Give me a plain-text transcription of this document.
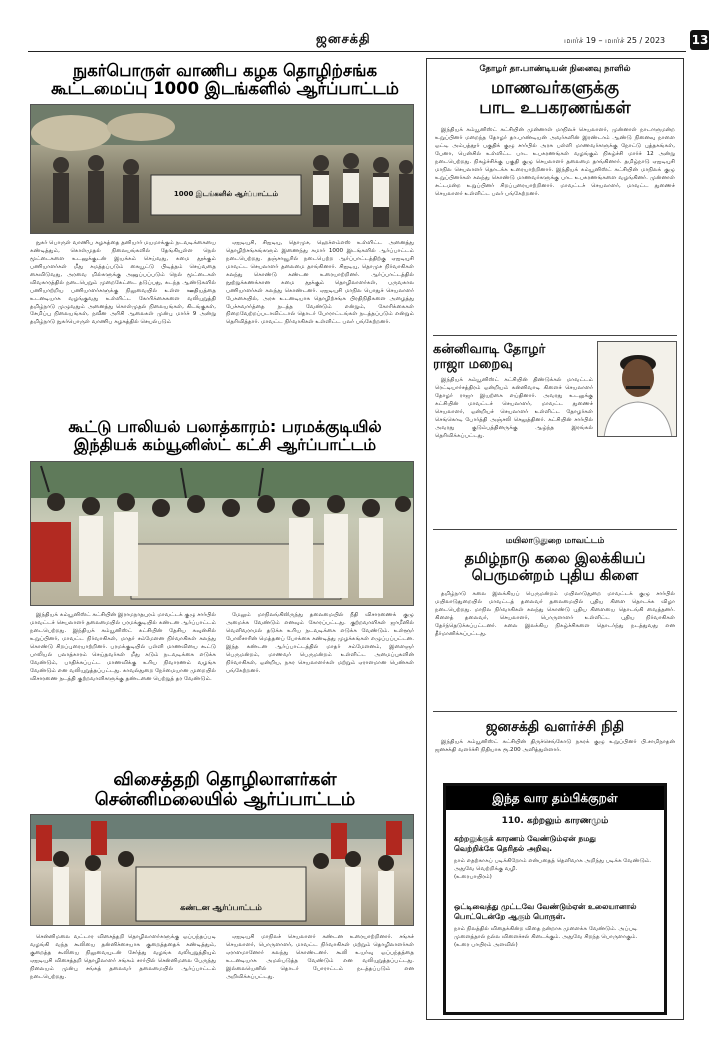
ஜனசக்தி	மார்ச் 19 – மார்ச் 25 / 2023 13
நுகர்பொருள் வாணிப கழக தொழிற்சங்க
கூட்டமைப்பு 1000 இடங்களில் ஆர்ப்பாட்டம்
1000 இடங்களில் ஆர்ப்பாட்டம்

நுகர் பொருள் வாணிப கழகத்தை தனியார் மயமாக்கும் நடவடிக்கையை கண்டித்தும், கொள்முதல் நிலையங்களில் தேங்கியுள்ள நெல் மூட்டைகளை உடனுக்குடன் இயக்கம் செய்வது, சுமை தூக்கும் பணியாளர்கள் மீது சுமத்தப்படும் கையூட்டு பிடித்தம் செய்வதை கைவிடுவது, அரவை மில்களுக்கு அனுப்பப்படும் நெல் மூட்டைகள் விவகாரத்தில் நடைபெறும் முறைகேட்டை தடுப்பது, கடந்த ஆண்டுகளில் பணியாற்றிய பணியாளர்களுக்கு நிலுவையில் உள்ள ஊதியத்தை உடனடியாக வழங்குவது உள்ளிட்ட கோரிக்கைகளை வலியுறுத்தி தமிழ்நாடு முழுவதும் அனைத்து கொள்முதல் நிலையங்கள், கிடங்குகள், சேமிப்பு நிலையங்கள், நவீன அரிசி ஆலைகள் முன்பு மார்ச் 9 அன்று தமிழ்நாடு நுகர்பொருள் வாணிப கழகத்தில் செயல்படும்

ஏஐடியுசி, சிஐடியு, தொமுச, ஹெச்எம்எஸ் உள்ளிட்ட அனைத்து தொழிற்சங்கங்களும் இணைந்து சுமார் 1000 இடங்களில் ஆர்ப்பாட்டம் நடைபெற்றது. தஞ்சாவூரில் நடைபெற்ற ஆர்ப்பாட்டத்திற்கு ஏஐடியுசி மாவட்ட செயலாளர் தலைமை தாங்கினார். சிஐடியு, தொமுச நிர்வாகிகள் கலந்து கொண்டு கண்டன உரையாற்றினர். ஆர்ப்பாட்டத்தில் நூற்றுக்கணக்கான சுமை தூக்கும் தொழிலாளர்கள், பருவகால பணியாளர்கள் கலந்து கொண்டனர். ஏஐடியுசி மாநில பொதுச் செயலாளர் பேசுகையில், அரசு உடனடியாக தொழிற்சங்க பிரதிநிதிகளை அழைத்து பேச்சுவார்த்தை நடத்த வேண்டும் என்றும், கோரிக்கைகள் நிறைவேற்றப்படாவிட்டால் தொடர் போராட்டங்கள் நடத்தப்படும் என்றும் தெரிவித்தார். மாவட்ட நிர்வாகிகள் உள்ளிட்ட பலர் பங்கேற்றனர்.

கூட்டு பாலியல் பலாத்காரம்: பரமக்குடியில்
இந்தியக் கம்யூனிஸ்ட் கட்சி ஆர்ப்பாட்டம்

இந்தியக் கம்யூனிஸ்ட் கட்சியின் இராமநாதபுரம் மாவட்டக் குழு சார்பில் மாவட்டச் செயலாளர் தலைமையில் பரமக்குடியில் கண்டன ஆர்ப்பாட்டம் நடைபெற்றது. இந்தியக் கம்யூனிஸ்ட் கட்சியின் தேசிய கவுன்சில் உறுப்பினர், மாவட்ட நிர்வாகிகள், மாதர் சம்மேளன நிர்வாகிகள் கலந்து கொண்டு சிறப்புரையாற்றினர். பரமக்குடியில் பள்ளி மாணவியை கூட்டு பாலியல் பலாத்காரம் செய்தவர்கள் மீது கடும் நடவடிக்கை எடுக்க வேண்டும், பாதிக்கப்பட்ட மாணவிக்கு உரிய நிவாரணம் வழங்க வேண்டும் என வலியுறுத்தப்பட்டது. காவல்துறை நேர்மையான முறையில் விசாரணை நடத்தி குற்றவாளிகளுக்கு தண்டனை பெற்றுத் தர வேண்டும்.

மேலும் மாநிலங்கிலிருந்து தலைமையில் நீதி விசாரணைக் குழு அமைக்க வேண்டும் எனவும் கோரப்பட்டது. குற்றவாளிகள் ஜாமீனில் வெளிவராமல் தடுக்க உரிய நடவடிக்கை எடுக்க வேண்டும். உள்ளூர் போலீசாரின் மெத்தனப் போக்கை கண்டித்து முழக்கங்கள் எழுப்பப்பட்டன. இந்த கண்டன ஆர்ப்பாட்டத்தில் மாதர் சம்மேளனம், இளைஞர் பெருமன்றம், மாணவர் பெருமன்றம் உள்ளிட்ட அமைப்புகளின் நிர்வாகிகள், ஒன்றிய, நகர செயலாளர்கள் மற்றும் ஏராளமான பெண்கள் பங்கேற்றனர்.

விசைத்தறி தொழிலாளர்கள்
சென்னிமலையில் ஆர்ப்பாட்டம்
கண்டன ஆர்ப்பாட்டம்

சென்னிமலை வட்டார விசைத்தறி தொழிலாளர்களுக்கு ஒப்பந்தப்படி வழங்கி வந்த கூலியை தன்னிச்சையாக குறைத்ததைக் கண்டித்தும், குறைத்த கூலியை நிலுவையுடன் சேர்த்து வழங்க வலியுறுத்தியும் ஏஐடியுசி விசைத்தறி தொழிலாளர் சங்கம் சார்பில் சென்னிமலை பேருந்து நிலையம் முன்பு சங்கத் தலைவர் தலைமையில் ஆர்ப்பாட்டம் நடைபெற்றது.

ஏஐடியுசி மாநிலச் செயலாளர் கண்டன உரையாற்றினார். சங்கச் செயலாளர், பொருளாளர், மாவட்ட நிர்வாகிகள் மற்றும் தொழிலாளர்கள் ஏராளமானோர் கலந்து கொண்டனர். கூலி உயர்வு ஒப்பந்தத்தை உடனடியாக அமல்படுத்த வேண்டும் என வலியுறுத்தப்பட்டது. இல்லையெனில் தொடர் போராட்டம் நடத்தப்படும் என அறிவிக்கப்பட்டது.

தோழர் தா.பாண்டியன் நினைவு நாளில்
மாணவர்களுக்கு
பாட உபகரணங்கள்

இந்தியக் கம்யூனிஸ்ட் கட்சியின் முன்னாள் மாநிலச் செயலாளர், முன்னாள் நாடாளுமன்ற உறுப்பினர் மறைந்த தோழர் தா.பாண்டியன் அவர்களின் இரண்டாம் ஆண்டு நினைவு நாளை ஒட்டி அம்பத்தூர் பகுதிக் குழு சார்பில் அரசு பள்ளி மாணவர்களுக்கு நோட்டு புத்தகங்கள், பேனா, பென்சில் உள்ளிட்ட பாட உபகரணங்கள் வழங்கும் நிகழ்ச்சி மார்ச் 12 அன்று நடைபெற்றது. நிகழ்ச்சிக்கு பகுதி குழு செயலாளர் தலைமை தாங்கினார். தமிழ்நாடு ஏஐடியுசி மாநில செயலாளர் தொடக்க உரையாற்றினார். இந்தியக் கம்யூனிஸ்ட் கட்சியின் மாநிலக் குழு உறுப்பினர்கள் கலந்து கொண்டு மாணவர்களுக்கு பாட உபகரணங்களை வழங்கினர். முன்னாள் சட்டமன்ற உறுப்பினர் சிறப்புரையாற்றினார். மாவட்டச் செயலாளர், மாவட்ட துணைச் செயலாளர் உள்ளிட்ட பலர் பங்கேற்றனர்.

கன்னிவாடி தோழர்
ராஜா மறைவு

இந்தியக் கம்யூனிஸ்ட் கட்சியின் திண்டுக்கல் மாவட்டம் ரெட்டியார்சத்திரம் ஒன்றியம் கன்னிவாடி கிளைச் செயலாளர் தோழர் ராஜா இயற்கை எய்தினார். அவரது உடலுக்கு கட்சியின் மாவட்டச் செயலாளர், மாவட்ட துணைச் செயலாளர், ஒன்றியச் செயலாளர் உள்ளிட்ட தோழர்கள் செங்கொடி போர்த்தி அஞ்சலி செலுத்தினர். கட்சியின் சார்பில் அவரது குடும்பத்தினருக்கு ஆழ்ந்த இரங்கல் தெரிவிக்கப்பட்டது.

மயிலாடுதுறை மாவட்டம்
தமிழ்நாடு கலை இலக்கியப்
பெருமன்றம் புதிய கிளை

தமிழ்நாடு கலை இலக்கியப் பெருமன்றம் மயிலாடுதுறை மாவட்டக் குழு சார்பில் மயிலாடுதுறையில் மாவட்டத் தலைவர் தலைமையில் புதிய கிளை தொடக்க விழா நடைபெற்றது. மாநில நிர்வாகிகள் கலந்து கொண்டு புதிய கிளையை தொடங்கி வைத்தனர். கிளைத் தலைவர், செயலாளர், பொருளாளர் உள்ளிட்ட புதிய நிர்வாகிகள் தேர்ந்தெடுக்கப்பட்டனர். கலை இலக்கிய நிகழ்ச்சிகளை தொடர்ந்து நடத்துவது என தீர்மானிக்கப்பட்டது.

ஜனசக்தி வளர்ச்சி நிதி

இந்தியக் கம்யூனிஸ்ட் கட்சியின் திருச்செங்கோடு நகரக் குழு உறுப்பினர் பி.சாமிநாதன் ஜனசக்தி வளர்ச்சி நிதியாக ரூ.200 அளித்துள்ளார்.

இந்த வார தம்பிக்குறள்
110. கற்றலும் காரணமும்
கற்றலுக்குக் காரணம் வேண்டும்ஏன் நமது
வெற்றிக்கே தெரிதல் அறிவு.
நாம் எதற்காகப் படிக்கிறோம் என்பதைத் தெளிவாக அறிந்து படிக்க வேண்டும். அதுவே வெற்றிக்கு வழி.
(உரைபாயிரம்)
ஒட்டிவைத்து முட்டவே வேண்டும்ஏன் உலையானால்
பொட்டென்றே ஆகும் பொருள்.
நாம் நிலத்தில் விதைக்கின்ற விதை நன்றாக முளைக்க வேண்டும். அப்படி முளைத்தால் நல்ல விளைச்சல் கிடைக்கும். அதுவே சிறந்த பொருளாகும்.
(உரை பாயிரம் அளவில்)
